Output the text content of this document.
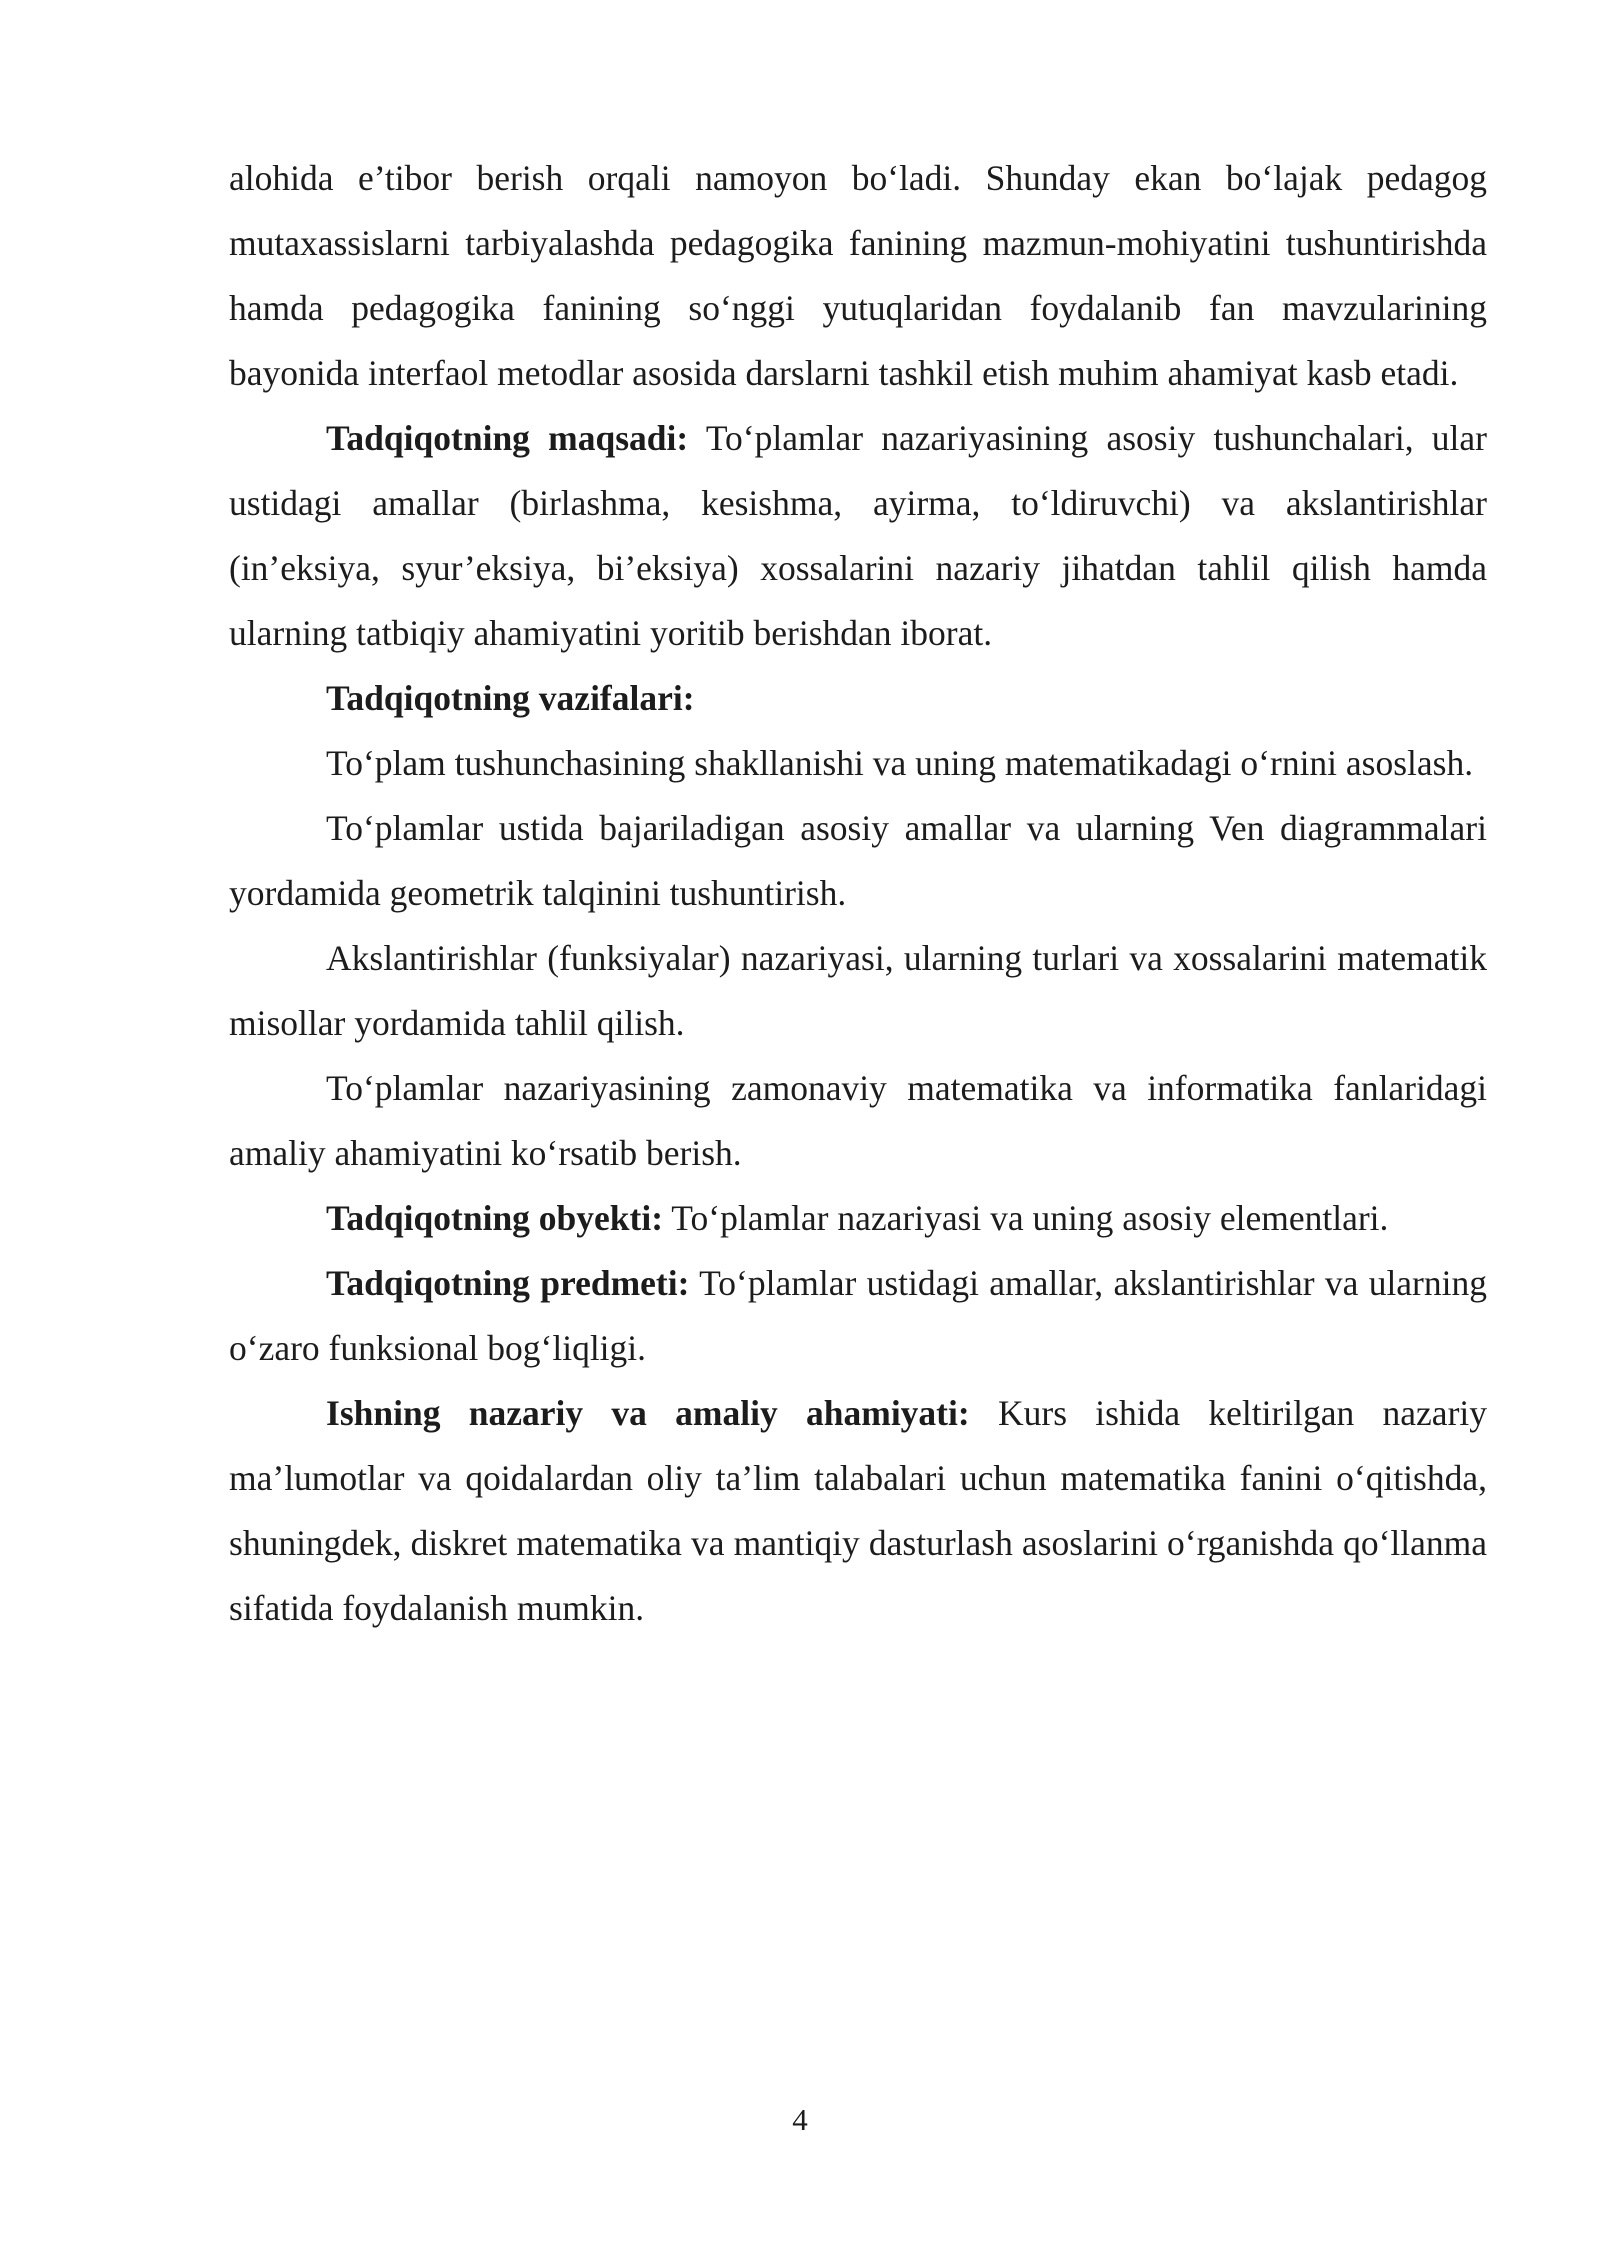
alohida e’tibor berish orqali namoyon bo‘ladi. Shunday ekan bo‘lajak pedagog mutaxassislarni tarbiyalashda pedagogika fanining mazmun-mohiyatini tushuntirishda hamda pedagogika fanining so‘nggi yutuqlaridan foydalanib fan mavzularining bayonida interfaol metodlar asosida darslarni tashkil etish muhim ahamiyat kasb etadi.

Tadqiqotning maqsadi: To‘plamlar nazariyasining asosiy tushunchalari, ular ustidagi amallar (birlashma, kesishma, ayirma, to‘ldiruvchi) va akslantirishlar (in’eksiya, syur’eksiya, bi’eksiya) xossalarini nazariy jihatdan tahlil qilish hamda ularning tatbiqiy ahamiyatini yoritib berishdan iborat.

Tadqiqotning vazifalari:

To‘plam tushunchasining shakllanishi va uning matematikadagi o‘rnini asoslash.

To‘plamlar ustida bajariladigan asosiy amallar va ularning Ven diagrammalari yordamida geometrik talqinini tushuntirish.

Akslantirishlar (funksiyalar) nazariyasi, ularning turlari va xossalarini matematik misollar yordamida tahlil qilish.

To‘plamlar nazariyasining zamonaviy matematika va informatika fanlaridagi amaliy ahamiyatini ko‘rsatib berish.

Tadqiqotning obyekti: To‘plamlar nazariyasi va uning asosiy elementlari.

Tadqiqotning predmeti: To‘plamlar ustidagi amallar, akslantirishlar va ularning o‘zaro funksional bog‘liqligi.

Ishning nazariy va amaliy ahamiyati: Kurs ishida keltirilgan nazariy ma’lumotlar va qoidalardan oliy ta’lim talabalari uchun matematika fanini o‘qitishda, shuningdek, diskret matematika va mantiqiy dasturlash asoslarini o‘rganishda qo‘llanma sifatida foydalanish mumkin.

4
